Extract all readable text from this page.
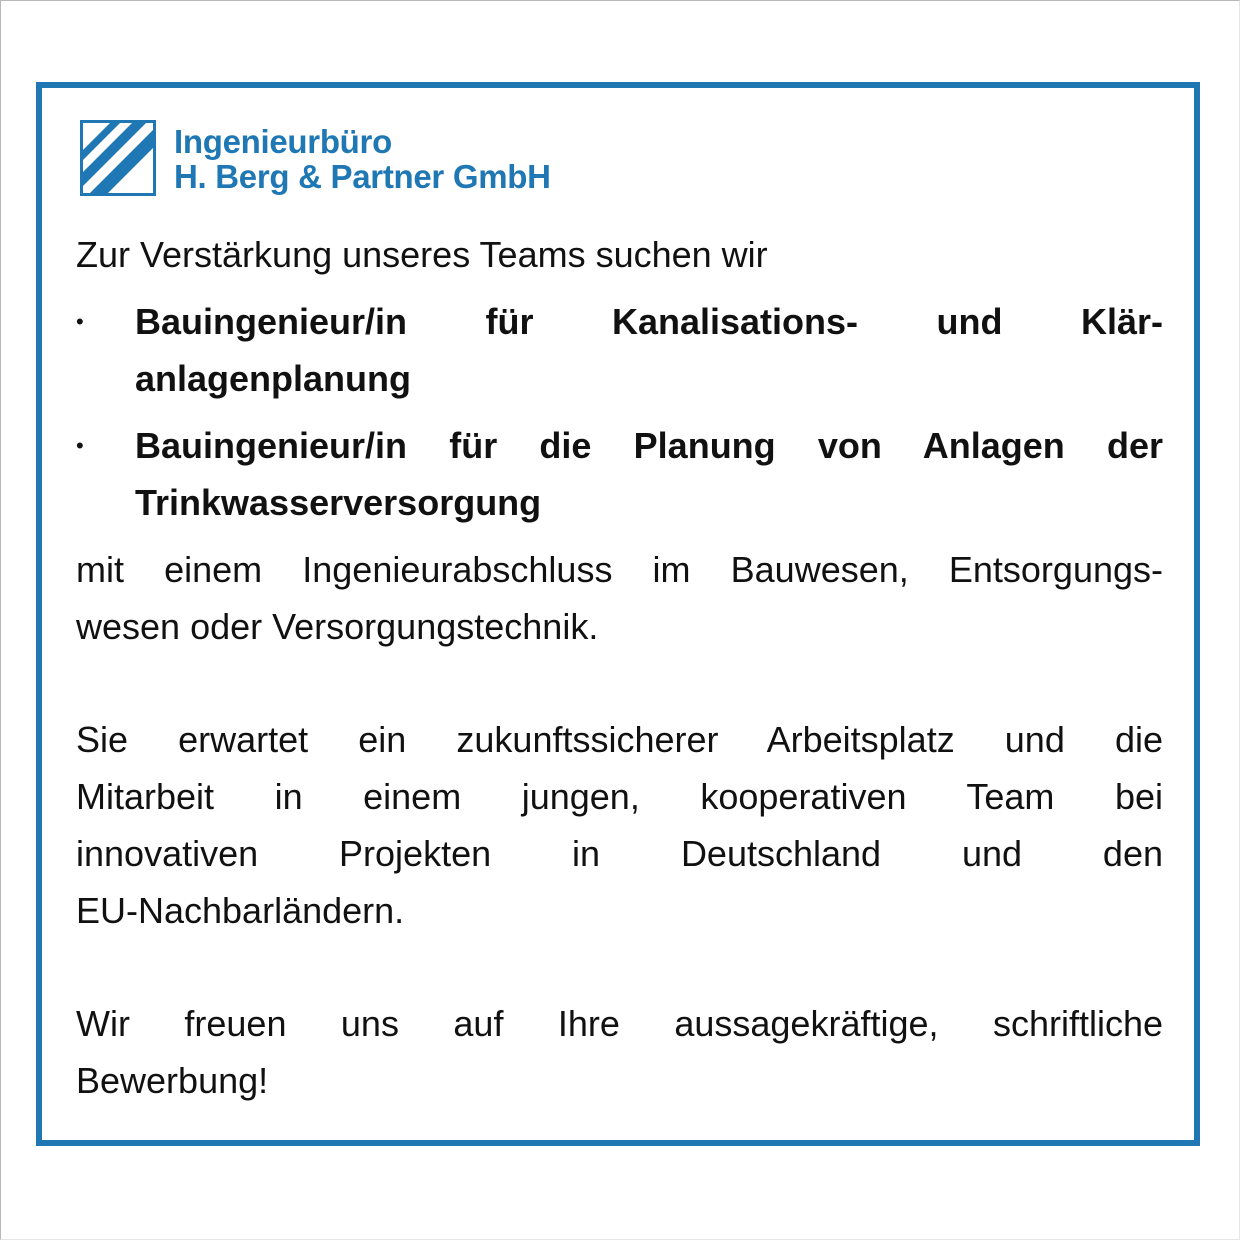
Ingenieurbüro
H. Berg & Partner GmbH

Zur Verstärkung unseres Teams suchen wir

•	Bauingenieur/in für Kanalisations- und Klär-
anlagenplanung
•	Bauingenieur/in für die Planung von Anlagen der
Trinkwasserversorgung

mit einem Ingenieurabschluss im Bauwesen, Entsorgungs-
wesen oder Versorgungstechnik.

Sie erwartet ein zukunftssicherer Arbeitsplatz und die
Mitarbeit in einem jungen, kooperativen Team bei
innovativen Projekten in Deutschland und den
EU-Nachbarländern.

Wir freuen uns auf Ihre aussagekräftige, schriftliche
Bewerbung!
